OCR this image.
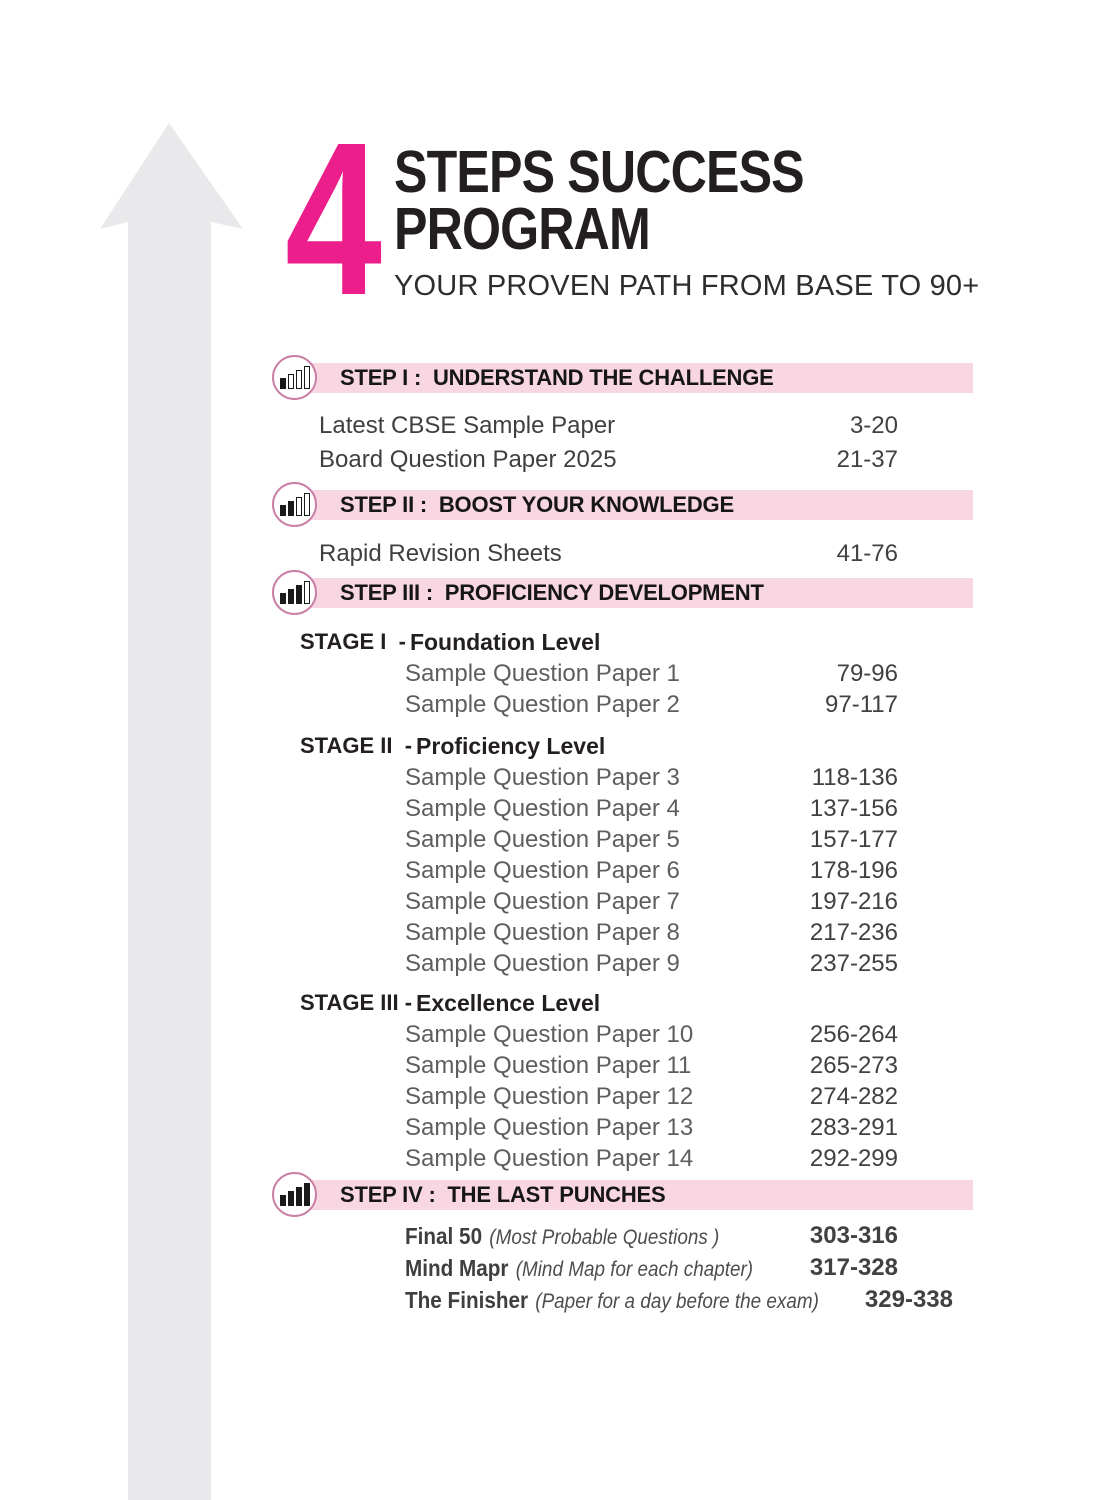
4 STEPS SUCCESS
PROGRAM
YOUR PROVEN PATH FROM BASE TO 90+
STEP I :  UNDERSTAND THE CHALLENGE
Latest CBSE Sample Paper	3-20
Board Question Paper 2025	21-37
STEP II :  BOOST YOUR KNOWLEDGE
Rapid Revision Sheets	41-76
STEP III :  PROFICIENCY DEVELOPMENT
STAGE I  - Foundation Level
Sample Question Paper 1	79-96
Sample Question Paper 2	97-117
STAGE II  - Proficiency Level
Sample Question Paper 3	118-136
Sample Question Paper 4	137-156
Sample Question Paper 5	157-177
Sample Question Paper 6	178-196
Sample Question Paper 7	197-216
Sample Question Paper 8	217-236
Sample Question Paper 9	237-255
STAGE III - Excellence Level
Sample Question Paper 10	256-264
Sample Question Paper 11	265-273
Sample Question Paper 12	274-282
Sample Question Paper 13	283-291
Sample Question Paper 14	292-299
STEP IV :  THE LAST PUNCHES
Final 50 (Most Probable Questions )	303-316
Mind Mapr (Mind Map for each chapter) 317-328
The Finisher (Paper for a day before the exam) 329-338
